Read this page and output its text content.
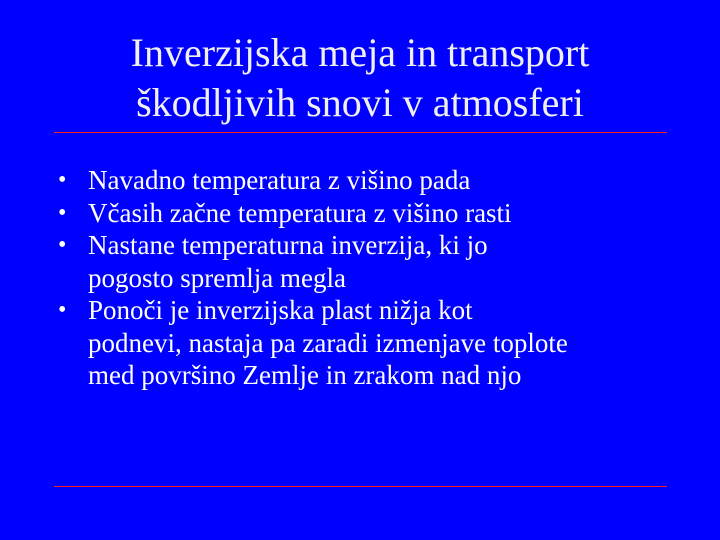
Inverzijska meja in transport
škodljivih snovi v atmosferi
• Navadno temperatura z višino pada
• Včasih začne temperatura z višino rasti
• Nastane temperaturna inverzija, ki jo
pogosto spremlja megla
• Ponoči je inverzijska plast nižja kot
podnevi, nastaja pa zaradi izmenjave toplote
med površino Zemlje in zrakom nad njo
